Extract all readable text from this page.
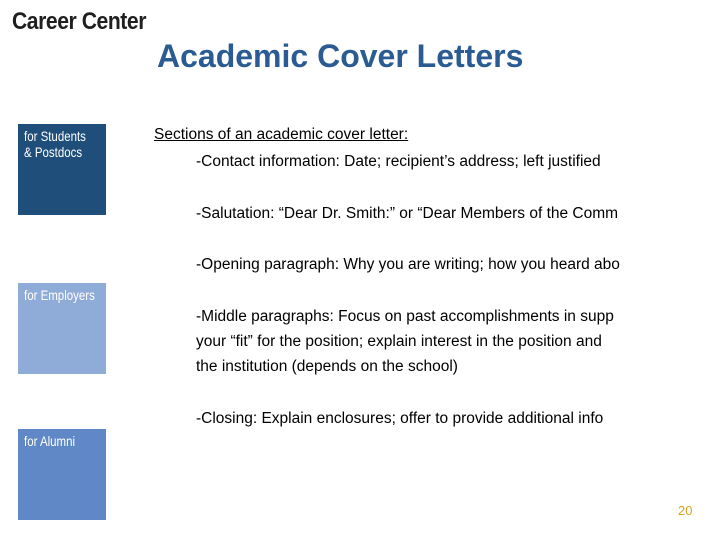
Career Center
Academic Cover Letters
for Students
& Postdocs
for Employers
for Alumni
Sections of an academic cover letter:
-Contact information: Date; recipient’s address; left justified
-Salutation: “Dear Dr. Smith:” or “Dear Members of the Comm
-Opening paragraph: Why you are writing; how you heard abo
-Middle paragraphs: Focus on past accomplishments in supp
your “fit” for the position; explain interest in the position and
the institution (depends on the school)
-Closing: Explain enclosures; offer to provide additional info
20
